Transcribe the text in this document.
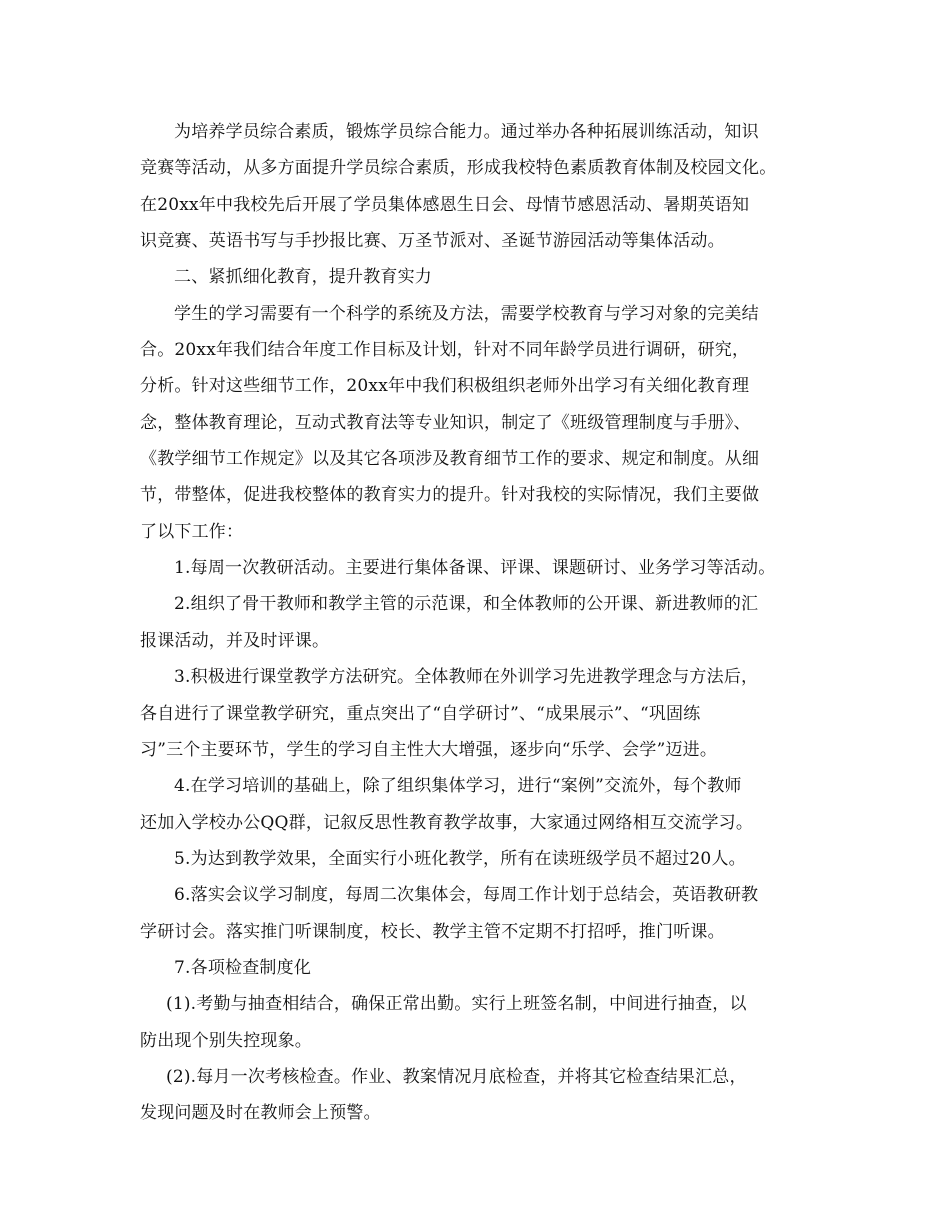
为培养学员综合素质，锻炼学员综合能力。通过举办各种拓展训练活动，知识
竞赛等活动，从多方面提升学员综合素质，形成我校特色素质教育体制及校园文化。
在20xx年中我校先后开展了学员集体感恩生日会、母情节感恩活动、暑期英语知
识竞赛、英语书写与手抄报比赛、万圣节派对、圣诞节游园活动等集体活动。
二、紧抓细化教育，提升教育实力
学生的学习需要有一个科学的系统及方法，需要学校教育与学习对象的完美结
合。20xx年我们结合年度工作目标及计划，针对不同年龄学员进行调研，研究，
分析。针对这些细节工作，20xx年中我们积极组织老师外出学习有关细化教育理
念，整体教育理论，互动式教育法等专业知识，制定了《班级管理制度与手册》、
《教学细节工作规定》以及其它各项涉及教育细节工作的要求、规定和制度。从细
节，带整体，促进我校整体的教育实力的提升。针对我校的实际情况，我们主要做
了以下工作：
1.每周一次教研活动。主要进行集体备课、评课、课题研讨、业务学习等活动。
2.组织了骨干教师和教学主管的示范课，和全体教师的公开课、新进教师的汇
报课活动，并及时评课。
3.积极进行课堂教学方法研究。全体教师在外训学习先进教学理念与方法后，
各自进行了课堂教学研究，重点突出了“自学研讨”、“成果展示”、“巩固练
习”三个主要环节，学生的学习自主性大大增强，逐步向“乐学、会学”迈进。
4.在学习培训的基础上，除了组织集体学习，进行“案例”交流外，每个教师
还加入学校办公QQ群，记叙反思性教育教学故事，大家通过网络相互交流学习。
5.为达到教学效果，全面实行小班化教学，所有在读班级学员不超过20人。
6.落实会议学习制度，每周二次集体会，每周工作计划于总结会，英语教研教
学研讨会。落实推门听课制度，校长、教学主管不定期不打招呼，推门听课。
7.各项检查制度化
(1).考勤与抽查相结合，确保正常出勤。实行上班签名制，中间进行抽查，以
防出现个别失控现象。
(2).每月一次考核检查。作业、教案情况月底检查，并将其它检查结果汇总，
发现问题及时在教师会上预警。
